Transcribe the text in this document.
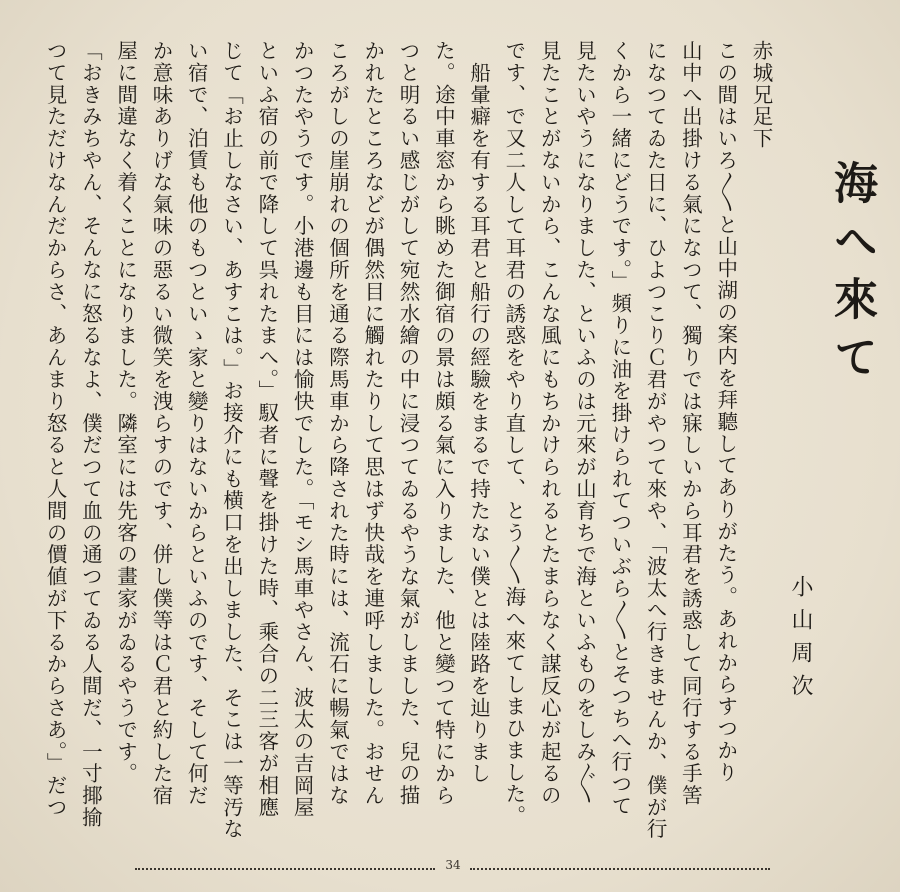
海へ來て
小山周次
赤城兄足下
この間はいろ〳〵と山中湖の案内を拜聽してありがたう。あれからすつかり
山中へ出掛ける氣になつて、獨りでは寐しいから耳君を誘惑して同行する手筈
になつてゐた日に、ひよつこりＣ君がやつて來や、「波太へ行きませんか、僕が行
くから一緒にどうです。」頻りに油を掛けられてついぶら〳〵とそつちへ行つて
見たいやうになりました、といふのは元來が山育ちで海といふものをしみ〴〵
見たことがないから、こんな風にもちかけられるとたまらなく謀反心が起るの
です、で又二人して耳君の誘惑をやり直して、とう〳〵海へ來てしまひました。
　船暈癖を有する耳君と船行の經驗をまるで持たない僕とは陸路を辿りまし
た。途中車窓から眺めた御宿の景は頗る氣に入りました、他と變つて特にから
つと明るい感じがして宛然水繪の中に浸つてゐるやうな氣がしました、兒の描
かれたところなどが偶然目に觸れたりして思はず快哉を連呼しました。おせん
ころがしの崖崩れの個所を通る際馬車から降された時には、流石に暢氣ではな
かつたやうです。小港邊も目には愉快でした。「モシ馬車やさん、波太の吉岡屋
といふ宿の前で降して呉れたまへ。」馭者に聲を掛けた時、乘合の二三客が相應
じて「お止しなさい、あすこは。」お接介にも横口を出しました、そこは一等汚な
い宿で、泊賃も他のもつといゝ家と變りはないからといふのです、そして何だ
か意味ありげな氣味の惡るい微笑を洩らすのです、併し僕等はＣ君と約した宿
屋に間違なく着くことになりました。隣室には先客の畫家がゐるやうです。
「おきみちやん、そんなに怒るなよ、僕だつて血の通つてゐる人間だ、一寸揶揄
つて見ただけなんだからさ、あんまり怒ると人間の價値が下るからさあ。」だつ
34
